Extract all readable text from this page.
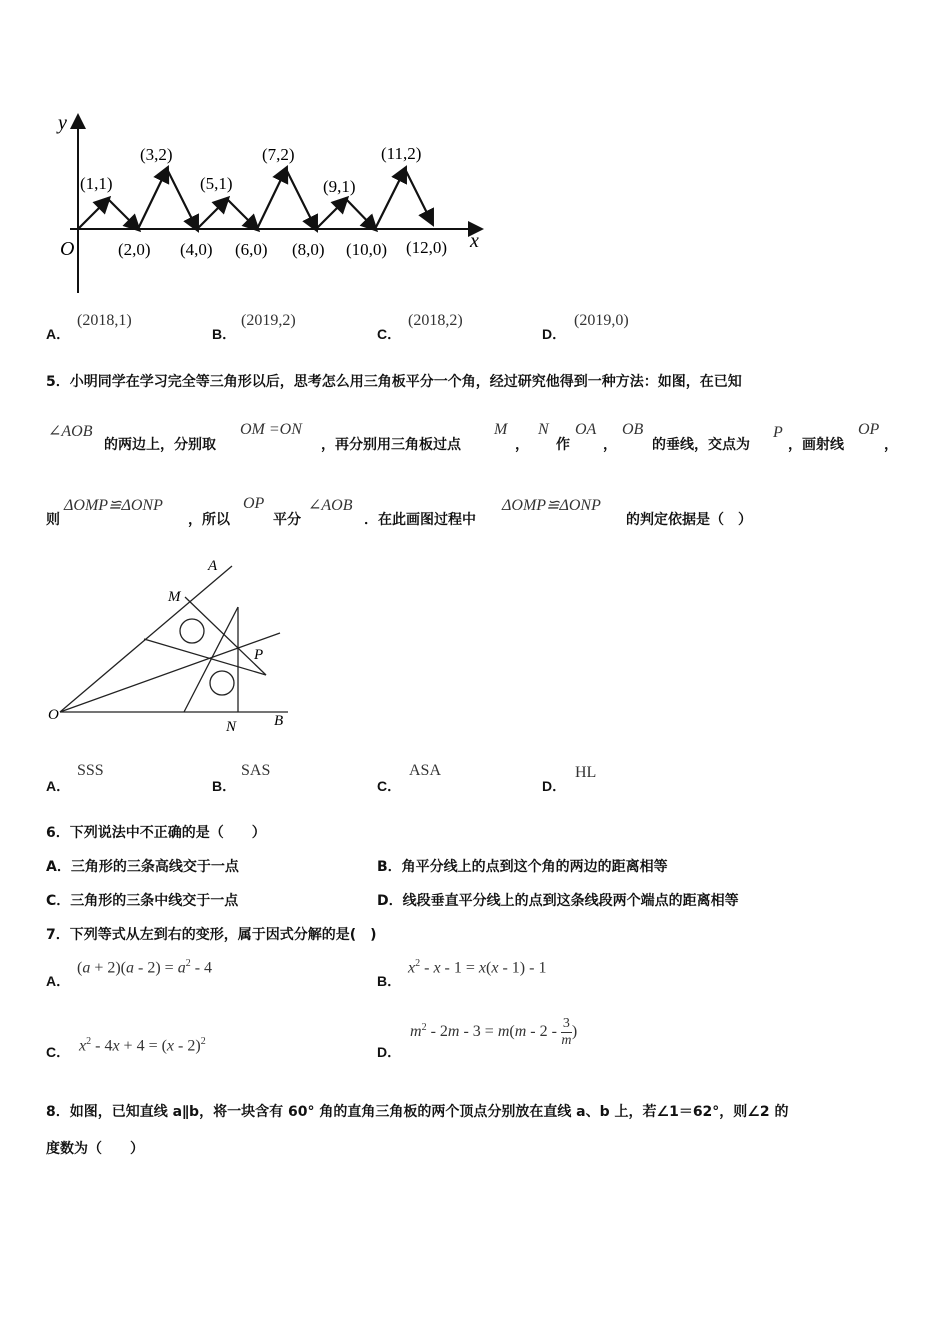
y
x
O
(1,1)
(3,2)
(5,1)
(7,2)
(9,1)
(11,2)
(2,0) (4,0) (6,0) (8,0) (10,0) (12,0)
A．
(2018,1)
B．
(2019,2)
C．
(2018,2)
D．
(2019,0)
5．小明同学在学习完全等三角形以后，思考怎么用三角板平分一个角，经过研究他得到一种方法：如图，在已知
∠AOB
的两边上，分别取
OM =ON
，再分别用三角板过点
M
，
N
作
OA
，
OB
的垂线，交点为
P
，画射线
OP
，
则
ΔOMP≌ΔONP
，所以
OP
平分
∠AOB
．在此画图过程中
ΔOMP≌ΔONP
的判定依据是（　）
A
M
P
O
N	B
A．
SSS
B．
SAS
C．
ASA
D．
HL
6．下列说法中不正确的是（　　）
A．三角形的三条高线交于一点	B．角平分线上的点到这个角的两边的距离相等
C．三角形的三条中线交于一点	D．线段垂直平分线上的点到这条线段两个端点的距离相等
7．下列等式从左到右的变形，属于因式分解的是(　)
A．
$(a + 2)(a - 2) = a^2 - 4$
B．
$x^2 - x - 1 = x(x - 1) - 1$
C． $x^2 - 4x + 4 = (x - 2)^2$
D．
$m^2 - 2m - 3 = m(m - 2 - \frac{3}{m}$ )
8．如图，已知直线 a∥b，将一块含有 60° 角的直角三角板的两个顶点分别放在直线 a、b 上，若∠1＝62°，则∠2 的
度数为（　　）
